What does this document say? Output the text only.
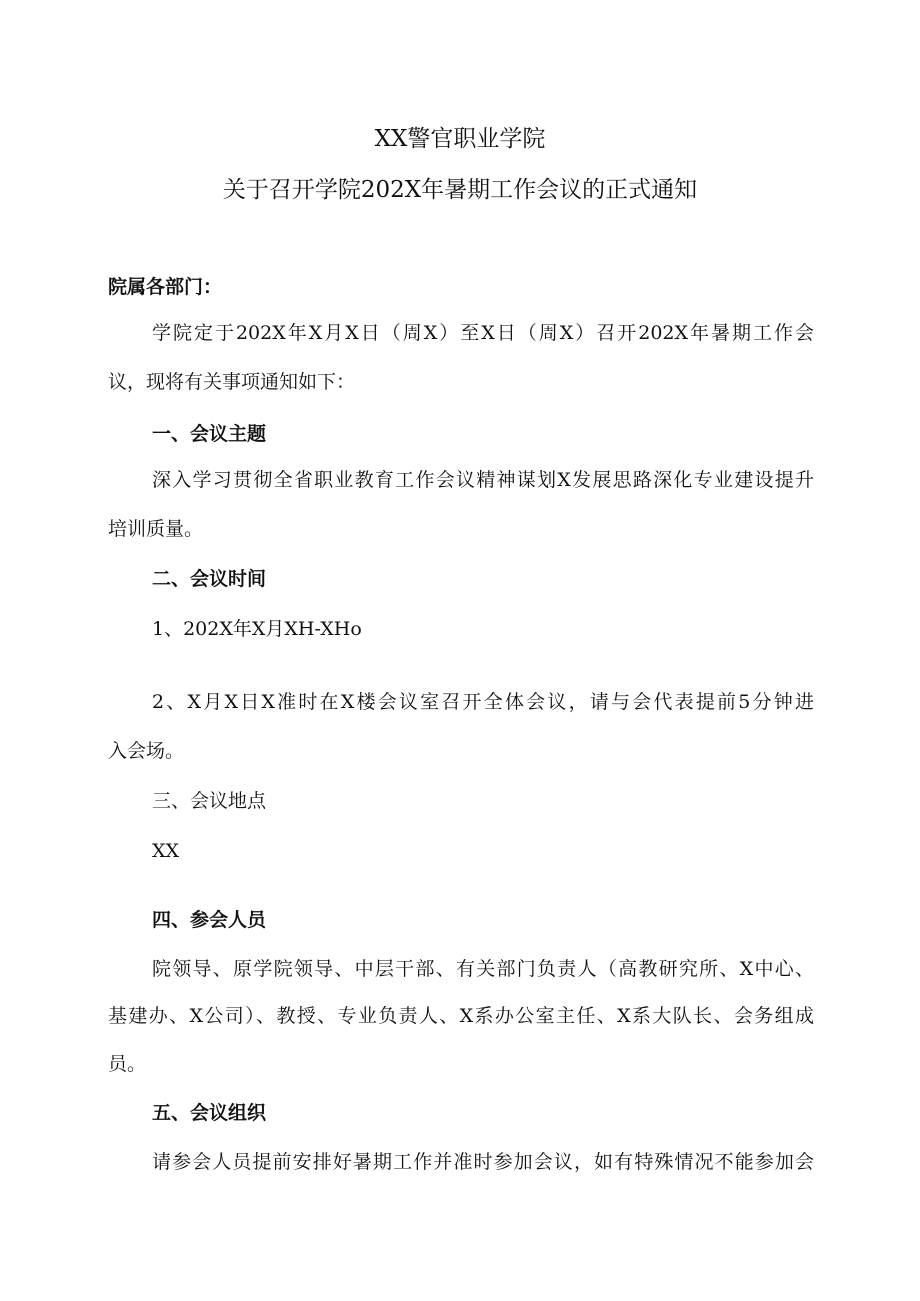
XX警官职业学院
关于召开学院202X年暑期工作会议的正式通知
院属各部门：
学院定于202X年X月X日（周X）至X日（周X）召开202X年暑期工作会
议，现将有关事项通知如下：
一、会议主题
深入学习贯彻全省职业教育工作会议精神谋划X发展思路深化专业建设提升
培训质量。
二、会议时间
1、202X年X月XH-XHo
2、X月X日X准时在X楼会议室召开全体会议，请与会代表提前5分钟进
入会场。
三、会议地点
XX
四、参会人员
院领导、原学院领导、中层干部、有关部门负责人（高教研究所、X中心、
基建办、X公司）、教授、专业负责人、X系办公室主任、X系大队长、会务组成
员。
五、会议组织
请参会人员提前安排好暑期工作并准时参加会议，如有特殊情况不能参加会
